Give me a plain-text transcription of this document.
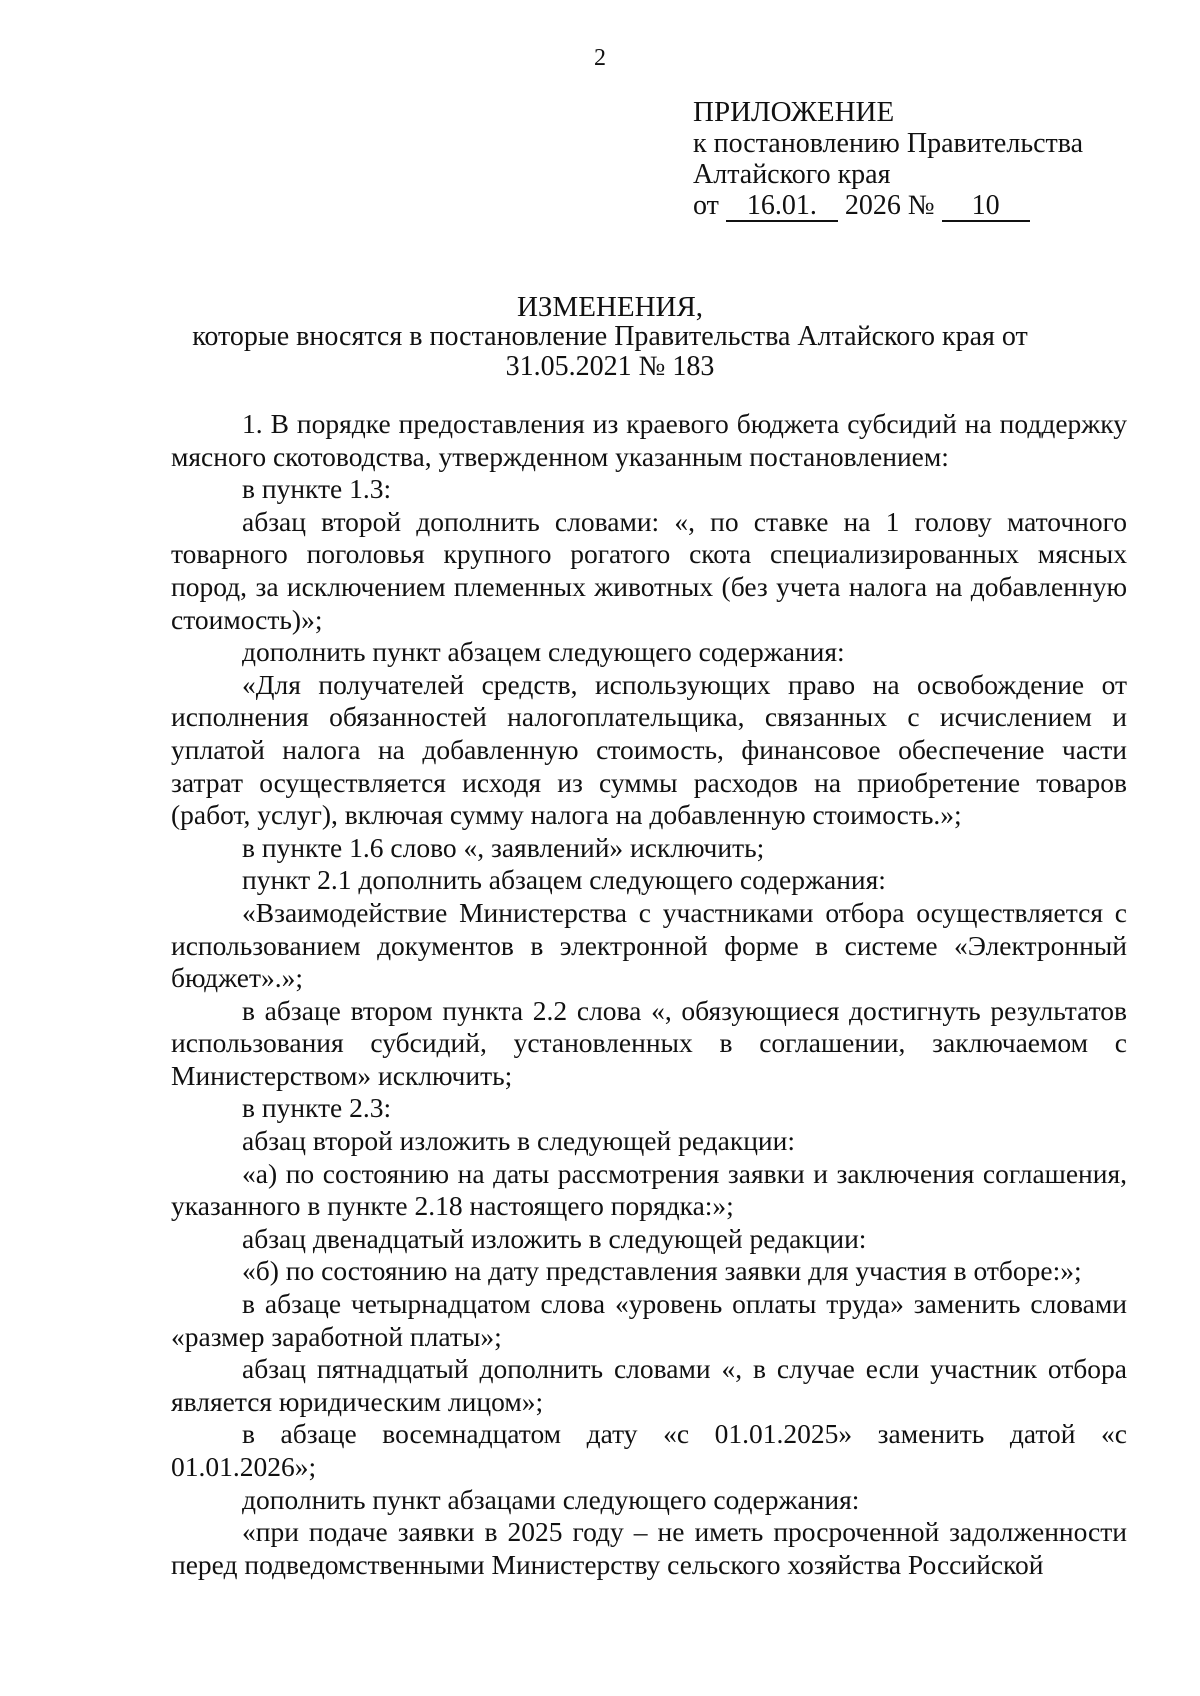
2
ПРИЛОЖЕНИЕ
к постановлению Правительства
Алтайского края
от 16.01. 2026 № 10
ИЗМЕНЕНИЯ,
которые вносятся в постановление Правительства Алтайского края от 31.05.2021 № 183

1. В порядке предоставления из краевого бюджета субсидий на поддержку мясного скотоводства, утвержденном указанным постановлением:

в пункте 1.3:

абзац второй дополнить словами: «, по ставке на 1 голову маточного товарного поголовья крупного рогатого скота специализированных мясных пород, за исключением племенных животных (без учета налога на добавленную стоимость)»;

дополнить пункт абзацем следующего содержания:

«Для получателей средств, использующих право на освобождение от исполнения обязанностей налогоплательщика, связанных с исчислением и уплатой налога на добавленную стоимость, финансовое обеспечение части затрат осуществляется исходя из суммы расходов на приобретение товаров (работ, услуг), включая сумму налога на добавленную стоимость.»;

в пункте 1.6 слово «, заявлений» исключить;

пункт 2.1 дополнить абзацем следующего содержания:

«Взаимодействие Министерства с участниками отбора осуществляется с использованием документов в электронной форме в системе «Электронный бюджет».»;

в абзаце втором пункта 2.2 слова «, обязующиеся достигнуть результатов использования субсидий, установленных в соглашении, заключаемом с Министерством» исключить;

в пункте 2.3:

абзац второй изложить в следующей редакции:

«а) по состоянию на даты рассмотрения заявки и заключения соглашения, указанного в пункте 2.18 настоящего порядка:»;

абзац двенадцатый изложить в следующей редакции:

«б) по состоянию на дату представления заявки для участия в отборе:»;

в абзаце четырнадцатом слова «уровень оплаты труда» заменить словами «размер заработной платы»;

абзац пятнадцатый дополнить словами «, в случае если участник отбора является юридическим лицом»;

в абзаце восемнадцатом дату «с 01.01.2025» заменить датой «с 01.01.2026»;

дополнить пункт абзацами следующего содержания:

«при подаче заявки в 2025 году – не иметь просроченной задолженности перед подведомственными Министерству сельского хозяйства Российской
